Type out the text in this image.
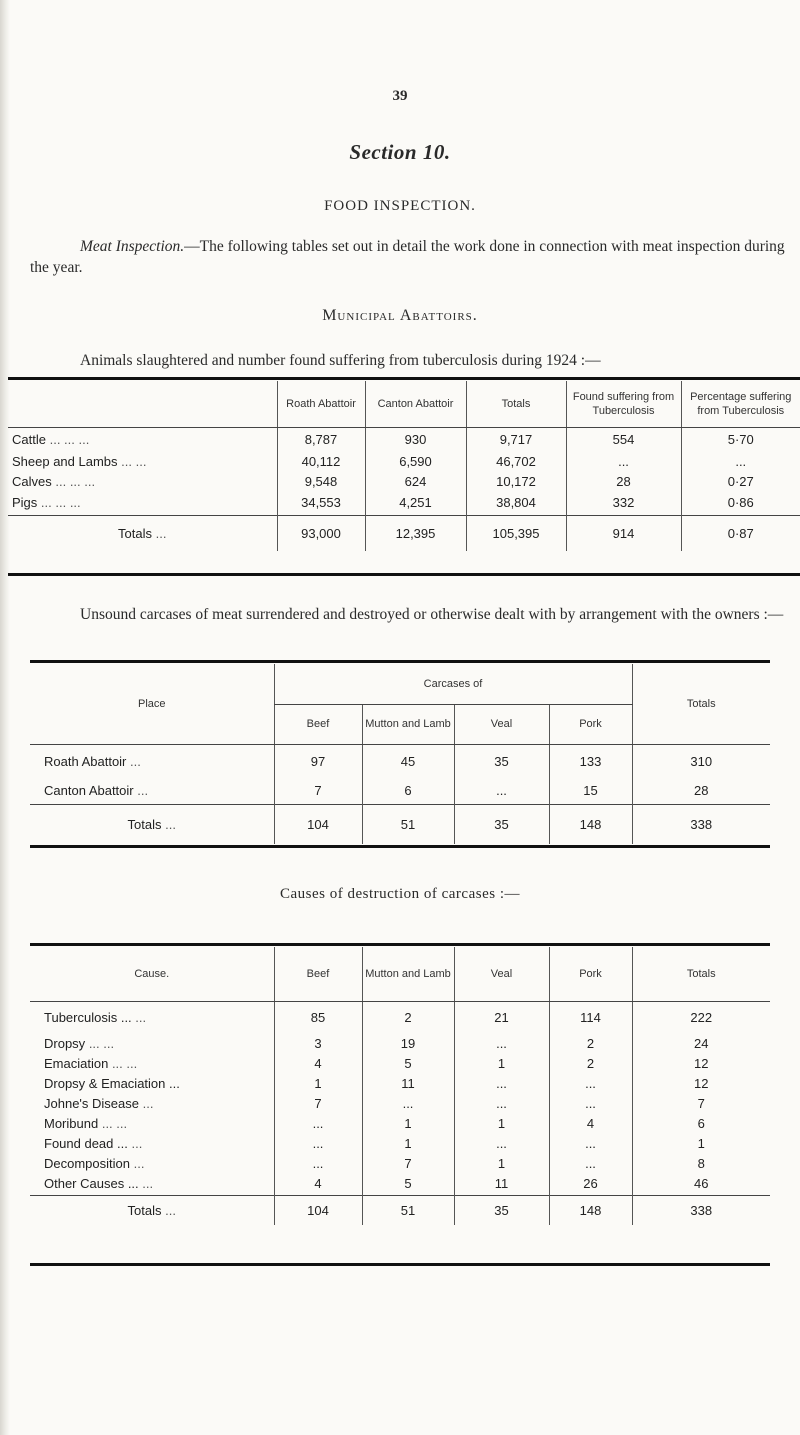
39
Section 10.
FOOD INSPECTION.
Meat Inspection.—The following tables set out in detail the work done in connection with meat inspection during the year.
Municipal Abattoirs.
Animals slaughtered and number found suffering from tuberculosis during 1924 :—
	Roath Abattoir	Canton Abattoir	Totals	Found suffering from Tuberculosis	Percentage suffering from Tuberculosis
Cattle ... ... ...	8,787	930	9,717	554	5·70
Sheep and Lambs ... ...	40,112	6,590	46,702	...	...
Calves ... ... ...	9,548	624	10,172	28	0·27
Pigs ... ... ...	34,553	4,251	38,804	332	0·86
Totals ...	93,000	12,395	105,395	914	0·87
Unsound carcases of meat surrendered and destroyed or otherwise dealt with by arrangement with the owners :—
Place	Carcases of				Totals
	Beef	Mutton and Lamb	Veal	Pork	
Roath Abattoir ...	97	45	35	133	310
Canton Abattoir ...	7	6	...	15	28
Totals ...	104	51	35	148	338
Causes of destruction of carcases :—
Cause.	Beef	Mutton and Lamb	Veal	Pork	Totals
Tuberculosis ... ...	85	2	21	114	222
Dropsy ... ...	3	19	...	2	24
Emaciation ... ...	4	5	1	2	12
Dropsy & Emaciation ...	1	11	...	...	12
Johne's Disease ...	7	...	...	...	7
Moribund ... ...	...	1	1	4	6
Found dead ... ...	...	1	...	...	1
Decomposition ...	...	7	1	...	8
Other Causes ... ...	4	5	11	26	46
Totals ...	104	51	35	148	338
